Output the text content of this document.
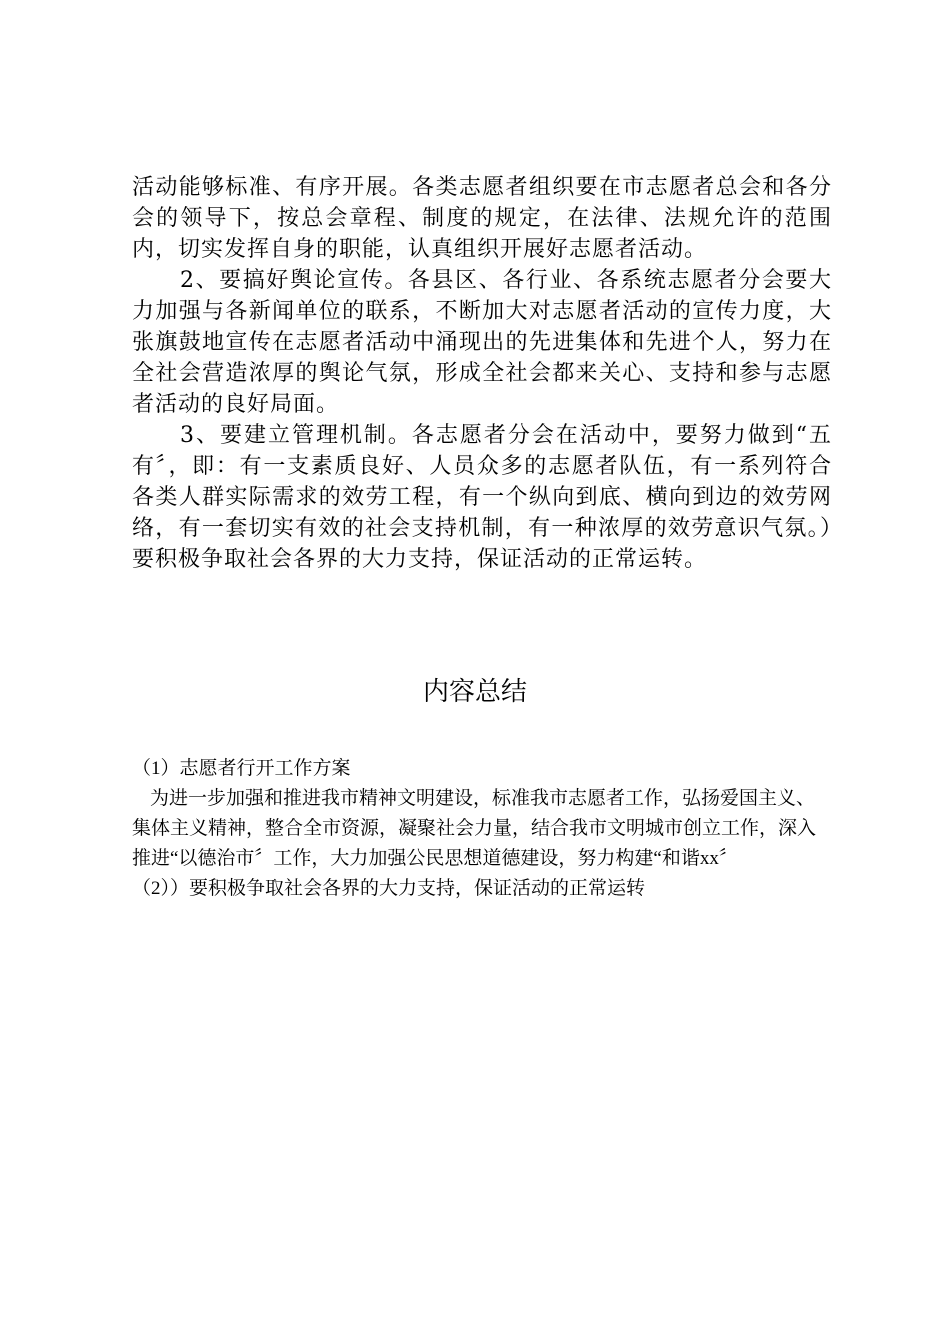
活动能够标准、有序开展。各类志愿者组织要在市志愿者总会和各分会的领导下，按总会章程、制度的规定，在法律、法规允许的范围内，切实发挥自身的职能，认真组织开展好志愿者活动。

2、要搞好舆论宣传。各县区、各行业、各系统志愿者分会要大力加强与各新闻单位的联系，不断加大对志愿者活动的宣传力度，大张旗鼓地宣传在志愿者活动中涌现出的先进集体和先进个人，努力在全社会营造浓厚的舆论气氛，形成全社会都来关心、支持和参与志愿者活动的良好局面。

3、要建立管理机制。各志愿者分会在活动中，要努力做到“五有〞，即：有一支素质良好、人员众多的志愿者队伍，有一系列符合各类人群实际需求的效劳工程，有一个纵向到底、横向到边的效劳网络，有一套切实有效的社会支持机制，有一种浓厚的效劳意识气氛。）要积极争取社会各界的大力支持，保证活动的正常运转。

内容总结

（1）志愿者行开工作方案

为进一步加强和推进我市精神文明建设，标准我市志愿者工作，弘扬爱国主义、集体主义精神，整合全市资源，凝聚社会力量，结合我市文明城市创立工作，深入推进“以德治市〞工作，大力加强公民思想道德建设，努力构建“和谐xx〞

（2））要积极争取社会各界的大力支持，保证活动的正常运转
